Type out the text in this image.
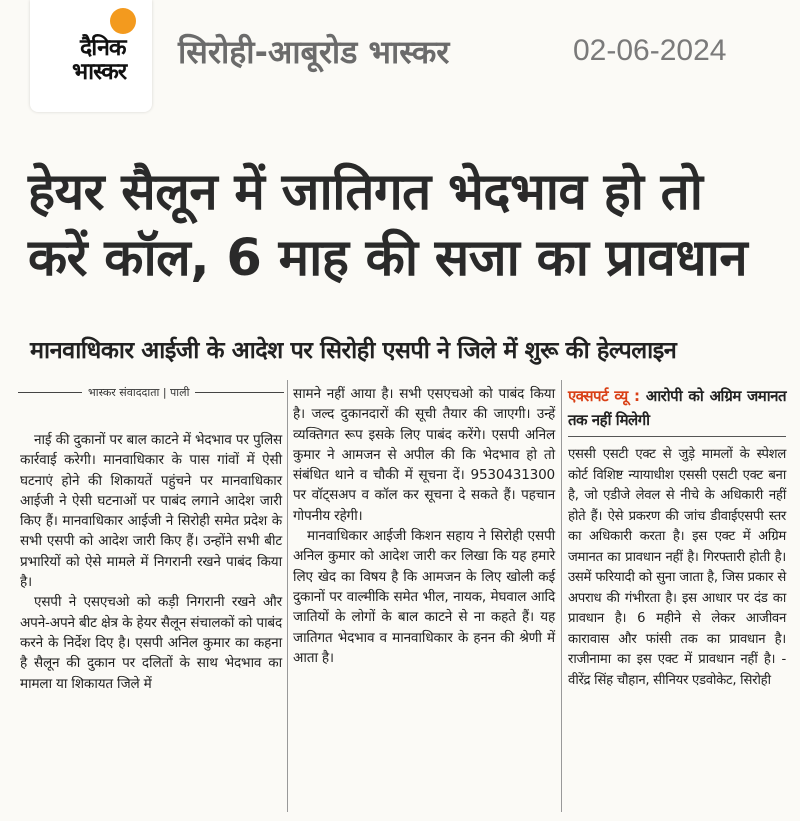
दैनिक
भास्कर
सिरोही-आबूरोड भास्कर	02-06-2024
हेयर सैलून में जातिगत भेदभाव हो तो करें कॉल, 6 माह की सजा का प्रावधान
मानवाधिकार आईजी के आदेश पर सिरोही एसपी ने जिले में शुरू की हेल्पलाइन
भास्कर संवाददाता | पाली

नाई की दुकानों पर बाल काटने में भेदभाव पर पुलिस कार्रवाई करेगी। मानवाधिकार के पास गांवों में ऐसी घटनाएं होने की शिकायतें पहुंचने पर मानवाधिकार आईजी ने ऐसी घटनाओं पर पाबंद लगाने आदेश जारी किए हैं। मानवाधिकार आईजी ने सिरोही समेत प्रदेश के सभी एसपी को आदेश जारी किए हैं। उन्होंने सभी बीट प्रभारियों को ऐसे मामले में निगरानी रखने पाबंद किया है।

एसपी ने एसएचओ को कड़ी निगरानी रखने और अपने-अपने बीट क्षेत्र के हेयर सैलून संचालकों को पाबंद करने के निर्देश दिए है। एसपी अनिल कुमार का कहना है सैलून की दुकान पर दलितों के साथ भेदभाव का मामला या शिकायत जिले में

सामने नहीं आया है। सभी एसएचओ को पाबंद किया है। जल्द दुकानदारों की सूची तैयार की जाएगी। उन्हें व्यक्तिगत रूप इसके लिए पाबंद करेंगे। एसपी अनिल कुमार ने आमजन से अपील की कि भेदभाव हो तो संबंधित थाने व चौकी में सूचना दें। 9530431300 पर वॉट्सअप व कॉल कर सूचना दे सकते हैं। पहचान गोपनीय रहेगी।

मानवाधिकार आईजी किशन सहाय ने सिरोही एसपी अनिल कुमार को आदेश जारी कर लिखा कि यह हमारे लिए खेद का विषय है कि आमजन के लिए खोली कई दुकानों पर वाल्मीकि समेत भील, नायक, मेघवाल आदि जातियों के लोगों के बाल काटने से ना कहते हैं। यह जातिगत भेदभाव व मानवाधिकार के हनन की श्रेणी में आता है।

एक्सपर्ट व्यू : आरोपी को अग्रिम जमानत तक नहीं मिलेगी
एससी एसटी एक्ट से जुड़े मामलों के स्पेशल कोर्ट विशिष्ट न्यायाधीश एससी एसटी एक्ट बना है, जो एडीजे लेवल से नीचे के अधिकारी नहीं होते हैं। ऐसे प्रकरण की जांच डीवाईएसपी स्तर का अधिकारी करता है। इस एक्ट में अग्रिम जमानत का प्रावधान नहीं है। गिरफ्तारी होती है। उसमें फरियादी को सुना जाता है, जिस प्रकार से अपराध की गंभीरता है। इस आधार पर दंड का प्रावधान है। 6 महीने से लेकर आजीवन कारावास और फांसी तक का प्रावधान है। राजीनामा का इस एक्ट में प्रावधान नहीं है। - वीरेंद्र सिंह चौहान, सीनियर एडवोकेट, सिरोही
